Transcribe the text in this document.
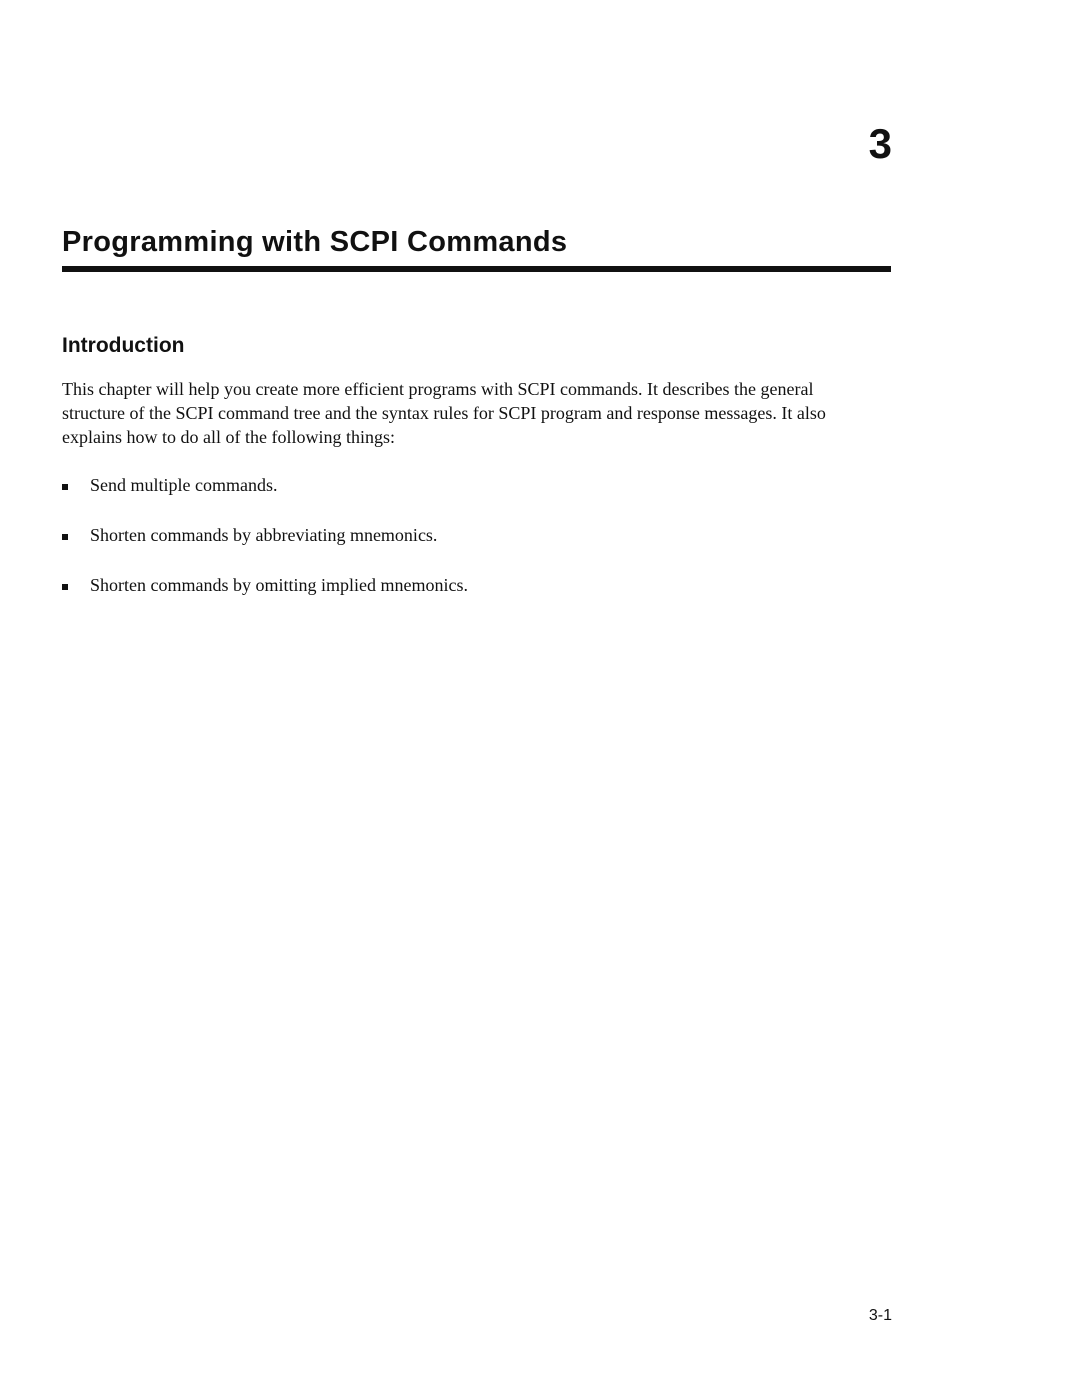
3
Programming with SCPI Commands
Introduction

This chapter will help you create more efficient programs with SCPI commands. It describes the general structure of the SCPI command tree and the syntax rules for SCPI program and response messages. It also explains how to do all of the following things:

Send multiple commands.
Shorten commands by abbreviating mnemonics.
Shorten commands by omitting implied mnemonics.
3-1
